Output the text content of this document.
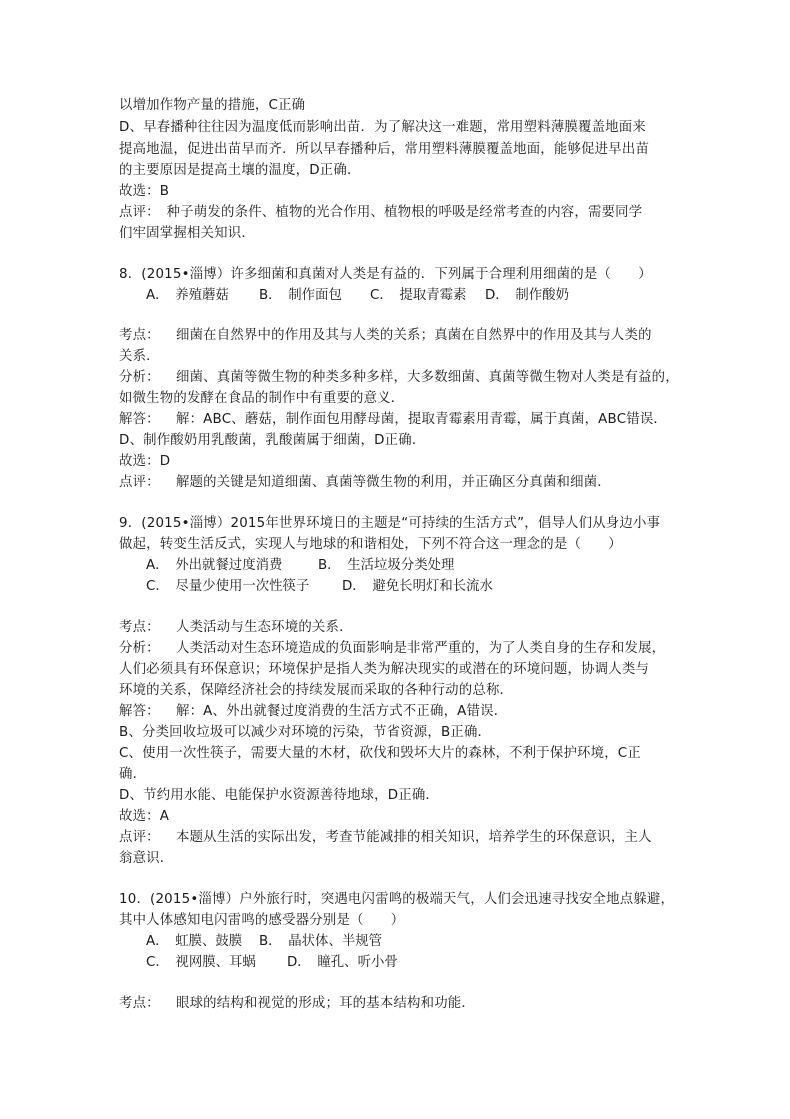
以增加作物产量的措施，C正确
D、早春播种往往因为温度低而影响出苗．为了解决这一难题，常用塑料薄膜覆盖地面来
提高地温，促进出苗早而齐．所以早春播种后，常用塑料薄膜覆盖地面，能够促进早出苗
的主要原因是提高土壤的温度，D正确．
故选：B
点评：　种子萌发的条件、植物的光合作用、植物根的呼吸是经常考查的内容，需要同学
们牢固掌握相关知识．
8．(2015•淄博）许多细菌和真菌对人类是有益的．下列属于合理利用细菌的是（　　）
A．　养殖蘑菇 B．　制作面包 C．　提取青霉素 D．　制作酸奶
考点： 细菌在自然界中的作用及其与人类的关系；真菌在自然界中的作用及其与人类的
关系．
分析： 细菌、真菌等微生物的种类多种多样，大多数细菌、真菌等微生物对人类是有益的，
如微生物的发酵在食品的制作中有重要的意义．
解答： 解：ABC、蘑菇，制作面包用酵母菌，提取青霉素用青霉，属于真菌，ABC错误．
D、制作酸奶用乳酸菌，乳酸菌属于细菌，D正确．
故选：D
点评： 解题的关键是知道细菌、真菌等微生物的利用，并正确区分真菌和细菌．
9．(2015•淄博）2015年世界环境日的主题是“可持续的生活方式”，倡导人们从身边小事
做起，转变生活反式，实现人与地球的和谐相处，下列不符合这一理念的是（　　）
A．　外出就餐过度消费	B．　生活垃圾分类处理
C．　尽量少使用一次性筷子 D．　避免长明灯和长流水
考点： 人类活动与生态环境的关系．
分析： 人类活动对生态环境造成的负面影响是非常严重的，为了人类自身的生存和发展，
人们必须具有环保意识；环境保护是指人类为解决现实的或潜在的环境问题，协调人类与
环境的关系，保障经济社会的持续发展而采取的各种行动的总称．
解答： 解：A、外出就餐过度消费的生活方式不正确，A错误．
B、分类回收垃圾可以减少对环境的污染，节省资源，B正确．
C、使用一次性筷子，需要大量的木材，砍伐和毁坏大片的森林，不利于保护环境，C正
确．
D、节约用水能、电能保护水资源善待地球，D正确．
故选：A
点评： 本题从生活的实际出发，考查节能减排的相关知识，培养学生的环保意识，主人
翁意识．
10．(2015•淄博）户外旅行时，突遇电闪雷鸣的极端天气，人们会迅速寻找安全地点躲避，
其中人体感知电闪雷鸣的感受器分别是（　　）
A．　虹膜、鼓膜 B．　晶状体、半规管
C．　视网膜、耳蜗 D．　瞳孔、听小骨
考点： 眼球的结构和视觉的形成；耳的基本结构和功能．
